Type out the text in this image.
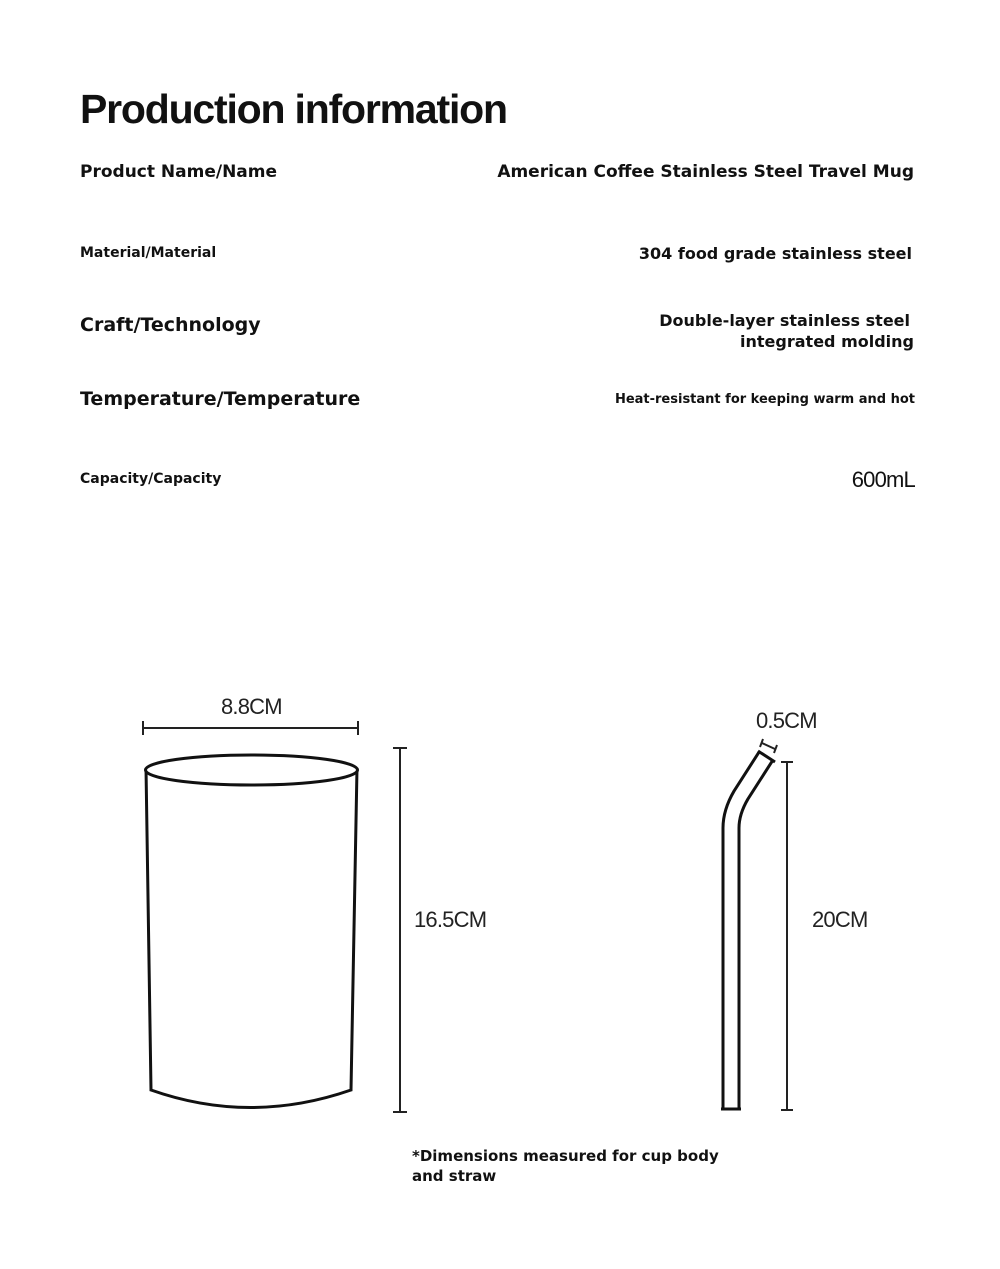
Production information
Product Name/Name	American Coffee Stainless Steel Travel Mug
Material/Material	304 food grade stainless steel
Craft/Technology	Double-layer stainless steel
integrated molding
Temperature/Temperature	Heat-resistant for keeping warm and hot
Capacity/Capacity	600mL
8.8CM
16.5CM
0.5CM
20CM
*Dimensions measured for cup body and straw
